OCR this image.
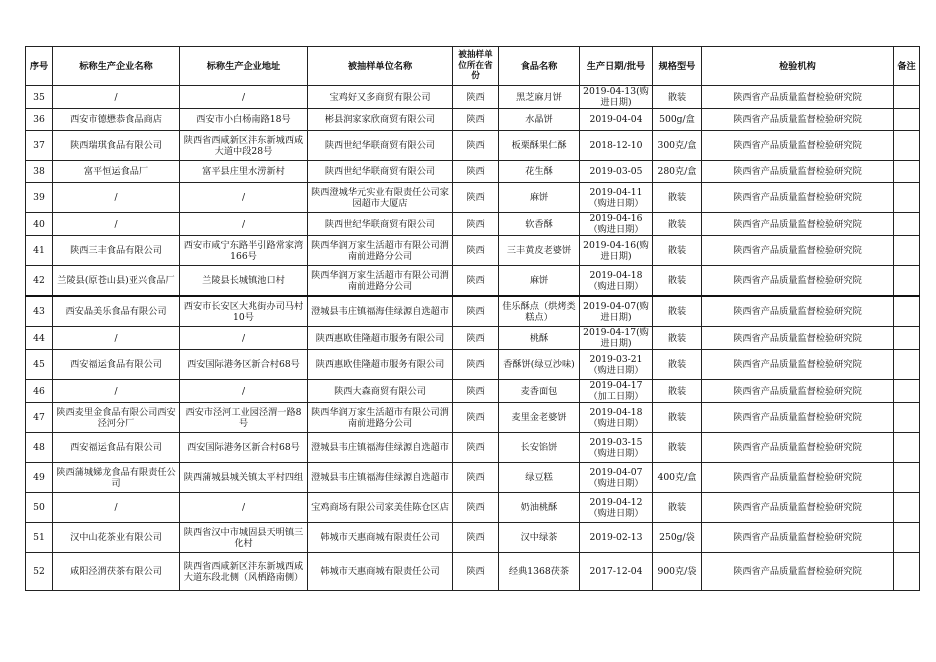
序号	标称生产企业名称	标称生产企业地址	被抽样单位名称	被抽样单位所在省份	食品名称	生产日期/批号	规格型号	检验机构	备注
35	/	/	宝鸡好又多商贸有限公司	陕西	黑芝麻月饼	2019-04-13(购进日期)	散装	陕西省产品质量监督检验研究院	
36	西安市德懋恭食品商店	西安市小白杨南路18号	彬县润家家欣商贸有限公司	陕西	水晶饼	2019-04-04	500g/盒	陕西省产品质量监督检验研究院	
37	陕西瑞琪食品有限公司	陕西省西咸新区沣东新城西咸大道中段28号	陕西世纪华联商贸有限公司	陕西	板栗酥果仁酥	2018-12-10	300克/盒	陕西省产品质量监督检验研究院	
38	富平恒运食品厂	富平县庄里水涝新村	陕西世纪华联商贸有限公司	陕西	花生酥	2019-03-05	280克/盒	陕西省产品质量监督检验研究院	
39	/	/	陕西澄城华元实业有限责任公司家园超市大厦店	陕西	麻饼	2019-04-11（购进日期）	散装	陕西省产品质量监督检验研究院	
40	/	/	陕西世纪华联商贸有限公司	陕西	软香酥	2019-04-16（购进日期）	散装	陕西省产品质量监督检验研究院	
41	陕西三丰食品有限公司	西安市咸宁东路半引路常家湾166号	陕西华润万家生活超市有限公司渭南前进路分公司	陕西	三丰黄皮老婆饼	2019-04-16(购进日期)	散装	陕西省产品质量监督检验研究院	
42	兰陵县(原苍山县)亚兴食品厂	兰陵县长城镇池口村	陕西华润万家生活超市有限公司渭南前进路分公司	陕西	麻饼	2019-04-18（购进日期）	散装	陕西省产品质量监督检验研究院	
43	西安晶美乐食品有限公司	西安市长安区大兆街办司马村10号	澄城县韦庄镇福海佳绿源自选超市	陕西	佳乐酥点（烘烤类糕点）	2019-04-07(购进日期)	散装	陕西省产品质量监督检验研究院	
44	/	/	陕西惠欧佳隆超市服务有限公司	陕西	桃酥	2019-04-17(购进日期)	散装	陕西省产品质量监督检验研究院	
45	西安福运食品有限公司	西安国际港务区新合村68号	陕西惠欧佳隆超市服务有限公司	陕西	香酥饼(绿豆沙味)	2019-03-21（购进日期）	散装	陕西省产品质量监督检验研究院	
46	/	/	陕西大森商贸有限公司	陕西	麦香面包	2019-04-17（加工日期）	散装	陕西省产品质量监督检验研究院	
47	陕西麦里金食品有限公司西安泾河分厂	西安市泾河工业园泾渭一路8号	陕西华润万家生活超市有限公司渭南前进路分公司	陕西	麦里金老婆饼	2019-04-18（购进日期）	散装	陕西省产品质量监督检验研究院	
48	西安福运食品有限公司	西安国际港务区新合村68号	澄城县韦庄镇福海佳绿源自选超市	陕西	长安馅饼	2019-03-15（购进日期）	散装	陕西省产品质量监督检验研究院	
49	陕西蒲城娣龙食品有限责任公司	陕西蒲城县城关镇太平村四组	澄城县韦庄镇福海佳绿源自选超市	陕西	绿豆糕	2019-04-07（购进日期）	400克/盒	陕西省产品质量监督检验研究院	
50	/	/	宝鸡商场有限公司家美佳陈仓区店	陕西	奶油桃酥	2019-04-12（购进日期）	散装	陕西省产品质量监督检验研究院	
51	汉中山花茶业有限公司	陕西省汉中市城固县天明镇三化村	韩城市天惠商城有限责任公司	陕西	汉中绿茶	2019-02-13	250g/袋	陕西省产品质量监督检验研究院	
52	咸阳泾渭茯茶有限公司	陕西省西咸新区沣东新城西咸大道东段北侧（风栖路南侧）	韩城市天惠商城有限责任公司	陕西	经典1368茯茶	2017-12-04	900克/袋	陕西省产品质量监督检验研究院	
